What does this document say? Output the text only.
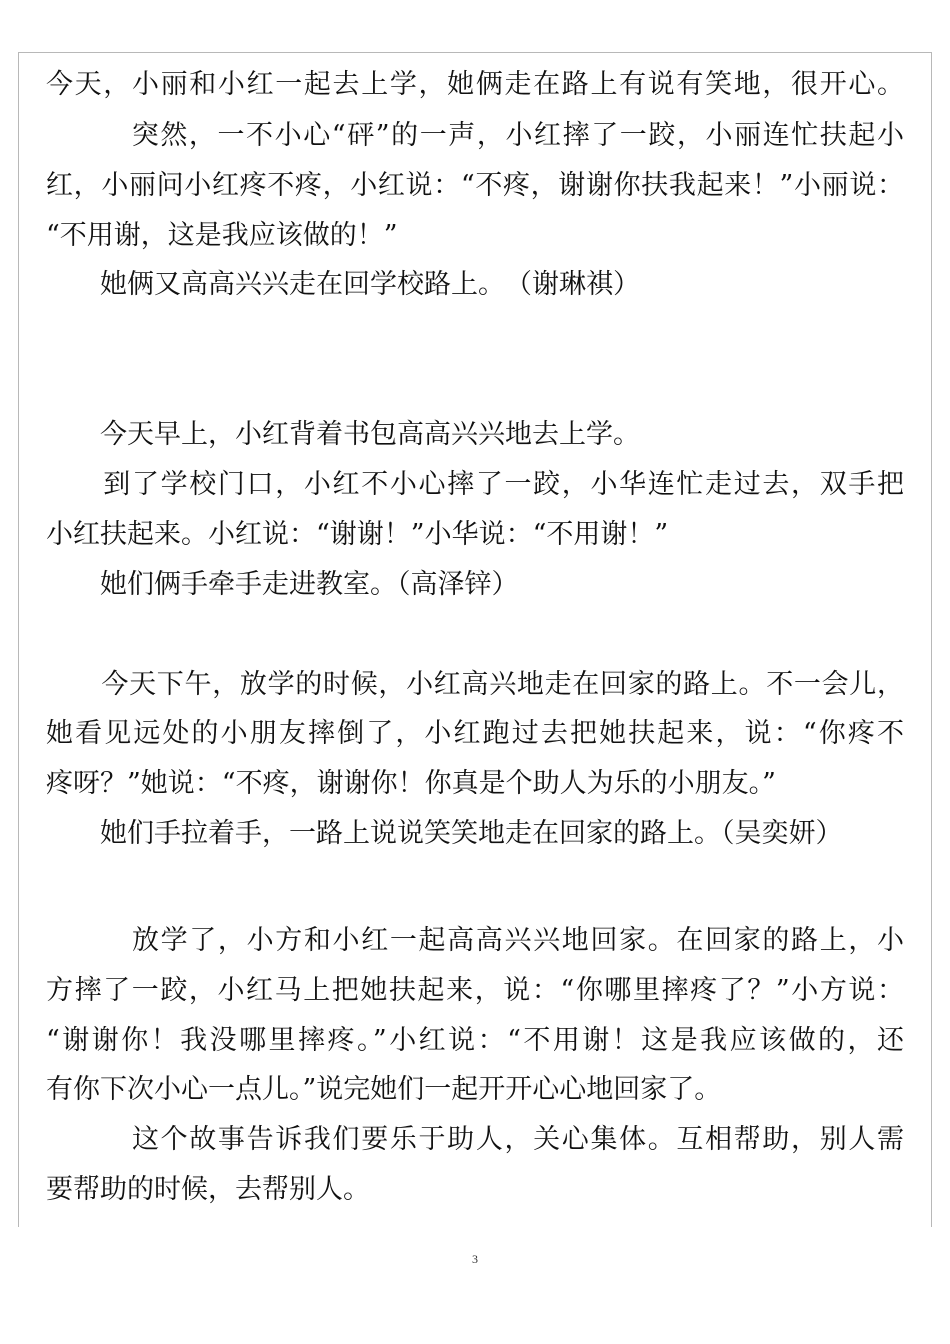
今天，小丽和小红一起去上学，她俩走在路上有说有笑地，很开心。
　　　突然，一不小心“砰”的一声，小红摔了一跤，小丽连忙扶起小
红，小丽问小红疼不疼，小红说：“不疼，谢谢你扶我起来！”小丽说：
“不用谢，这是我应该做的！”
　　她俩又高高兴兴走在回学校路上。　（谢琳祺）
　　今天早上，小红背着书包高高兴兴地去上学。
　　到了学校门口，小红不小心摔了一跤，小华连忙走过去，双手把
小红扶起来。小红说：“谢谢！”小华说：“不用谢！”
　　她们俩手牵手走进教室。（高泽锌）
　　今天下午，放学的时候，小红高兴地走在回家的路上。不一会儿，
她看见远处的小朋友摔倒了，小红跑过去把她扶起来，说：“你疼不
疼呀？”她说：“不疼，谢谢你！你真是个助人为乐的小朋友。”
　　她们手拉着手，一路上说说笑笑地走在回家的路上。（吴奕妍）
　　　放学了，小方和小红一起高高兴兴地回家。在回家的路上，小
方摔了一跤，小红马上把她扶起来，说：“你哪里摔疼了？”小方说：
“谢谢你！我没哪里摔疼。”小红说：“不用谢！这是我应该做的，还
有你下次小心一点儿。”说完她们一起开开心心地回家了。
　　　这个故事告诉我们要乐于助人，关心集体。互相帮助，别人需
要帮助的时候，去帮别人。
3
